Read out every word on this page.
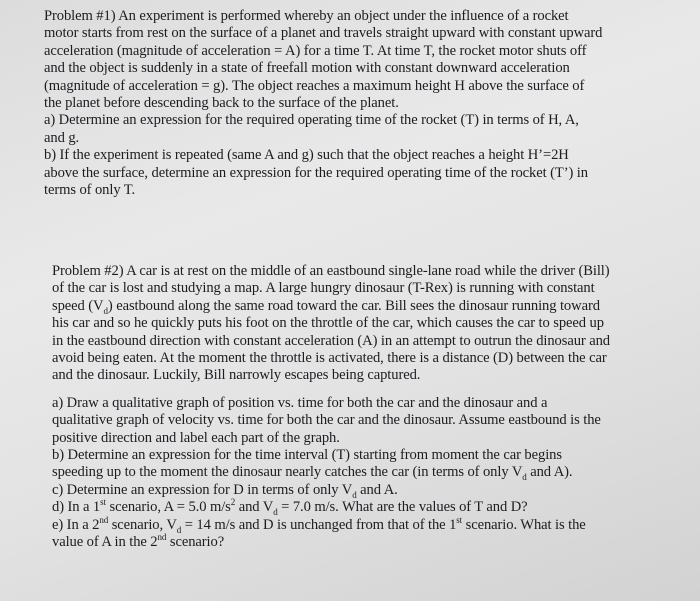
Problem #1) An experiment is performed whereby an object under the influence of a rocket
motor starts from rest on the surface of a planet and travels straight upward with constant upward
acceleration (magnitude of acceleration = A) for a time T. At time T, the rocket motor shuts off
and the object is suddenly in a state of freefall motion with constant downward acceleration
(magnitude of acceleration = g). The object reaches a maximum height H above the surface of
the planet before descending back to the surface of the planet.
a) Determine an expression for the required operating time of the rocket (T) in terms of H, A,
and g.
b) If the experiment is repeated (same A and g) such that the object reaches a height H’=2H
above the surface, determine an expression for the required operating time of the rocket (T’) in
terms of only T.
Problem #2) A car is at rest on the middle of an eastbound single-lane road while the driver (Bill)
of the car is lost and studying a map. A large hungry dinosaur (T-Rex) is running with constant
speed $(V_d)$ eastbound along the same road toward the car. Bill sees the dinosaur running toward
his car and so he quickly puts his foot on the throttle of the car, which causes the car to speed up
in the eastbound direction with constant acceleration (A) in an attempt to outrun the dinosaur and
avoid being eaten. At the moment the throttle is activated, there is a distance (D) between the car
and the dinosaur. Luckily, Bill narrowly escapes being captured.
a) Draw a qualitative graph of position vs. time for both the car and the dinosaur and a
qualitative graph of velocity vs. time for both the car and the dinosaur. Assume eastbound is the
positive direction and label each part of the graph.
b) Determine an expression for the time interval (T) starting from moment the car begins
speeding up to the moment the dinosaur nearly catches the car (in terms of only $V_d$ and A).
c) Determine an expression for D in terms of only $V_d$ and A.
d) In a 1st scenario, A = 5.0 $m/s^2$ and $V_d = 7.0$ m/s. What are the values of T and D?
e) In a 2nd scenario, $V_d = 14$ m/s and D is unchanged from that of the 1st scenario. What is the
value of A in the 2nd scenario?
